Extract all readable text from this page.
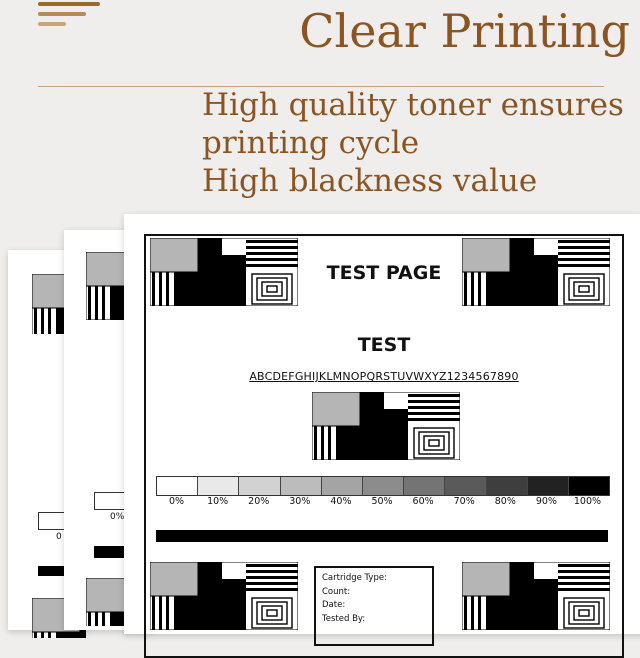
Clear Printing
High quality toner ensures
printing cycle
High blackness value
0
0%
TEST PAGE
TEST
ABCDEFGHIJKLMNOPQRSTUVWXYZ1234567890
0%	10%	20%	30%	40%	50%	60%	70%	80%	90%	100%
Cartridge Type:
Count:
Date:
Tested By:
